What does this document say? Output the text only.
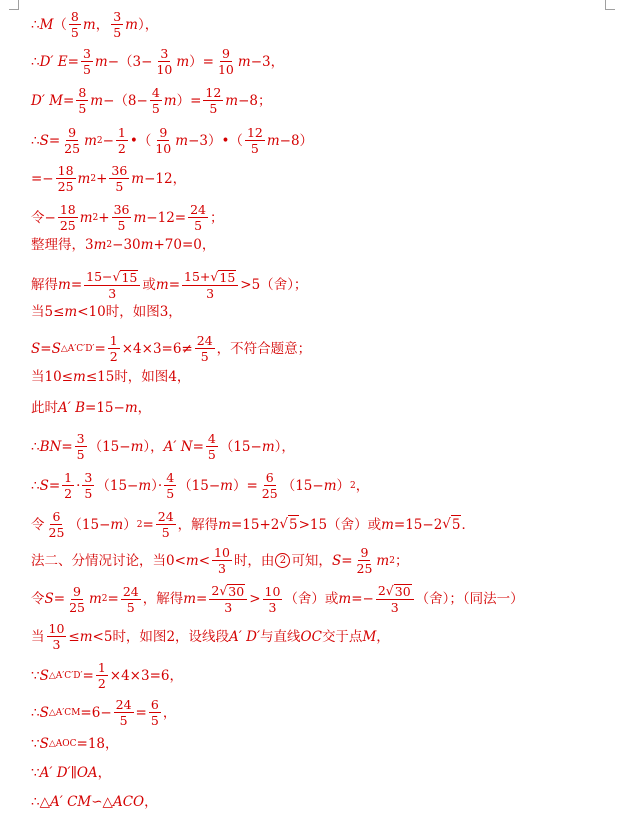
∴ M （ $\frac{8}{5}$ m ， $\frac{3}{5}$ m ），
∴ D′ $E = \frac{3}{5}$ $m -(3- \frac{3}{10}$ m ）= $\frac{9}{10}$ m −3，
D′ $M = \frac{8}{5}$ $m -(8- \frac{4}{5}$ m ）= $\frac{12}{5}$ m −8；
∴ $S = \frac{9}{25}$ m $2 - \frac{1}{2}$ •（ $\frac{9}{10}$ m −3）•（ $\frac{12}{5}$ m −8）
=− $\frac{18}{25}$ m $2 + \frac{36}{5}$ m −12，
令 − $\frac{18}{25}$ m $2 + \frac{36}{5}$ $m -12= \frac{24}{5}$ ；
整理得， 3 m 2 −30 m +70=0，
解得 $m = \frac{15-√ 15}{3}$ 或 $m = \frac{15+√ 15}{3} >5$（ 舍 ）；
当 5≤ m <10 时，如图 3，
S = S △A′C′D′ = $\frac{1}{2} \times 4\times 3=6\ne \frac{24}{5}$ ， 不符合题意；
当 10≤ m ≤15 时，如图 4，
此时 A′ B =15− m ，
∴ BN = $\frac{3}{5} (15- m$ ）， A′ $N = \frac{4}{5} (15- m$ ），
∴ $S = \frac{1}{2} \cdot \frac{3}{5} (15- m$ ）· $\frac{4}{5} (15- m$ ）= $\frac{6}{25} (15- m$ ） 2 ，
令 $\frac{6}{25} (15- m$ ） $2 = \frac{24}{5}$ ， 解得 m =15+2 √ 5 >15（ 舍 ） 或 m =15−2 √ 5 ．
法二、分情况讨论，当 $0< m < \frac{10}{3}$ 时，由 2 可知， $S = \frac{9}{25}$ m 2 ；
令 $S = \frac{9}{25}$ m $2 = \frac{24}{5}$ ， 解得 $m = \frac{2√ 30}{3} > \frac{10}{3}$ （ 舍 ） 或 $m =- \frac{2√ 30}{3}$ （ 舍 ）；（ 同法一 ）
当 $\frac{10}{3} \le m <5$ 时，如图 2， 设线段 A′ D′ 与直线 OC 交于点 M ，
∵ S △A′C′D′ = $\frac{1}{2} \times 4\times 3=6$，
∴ S △A′CM $=6- \frac{24}{5} = \frac{6}{5}$ ，
∵ S △AOC =18，
∵ A′ D′ ∥ OA ，
∴△ A′ CM ∽△ ACO ，
